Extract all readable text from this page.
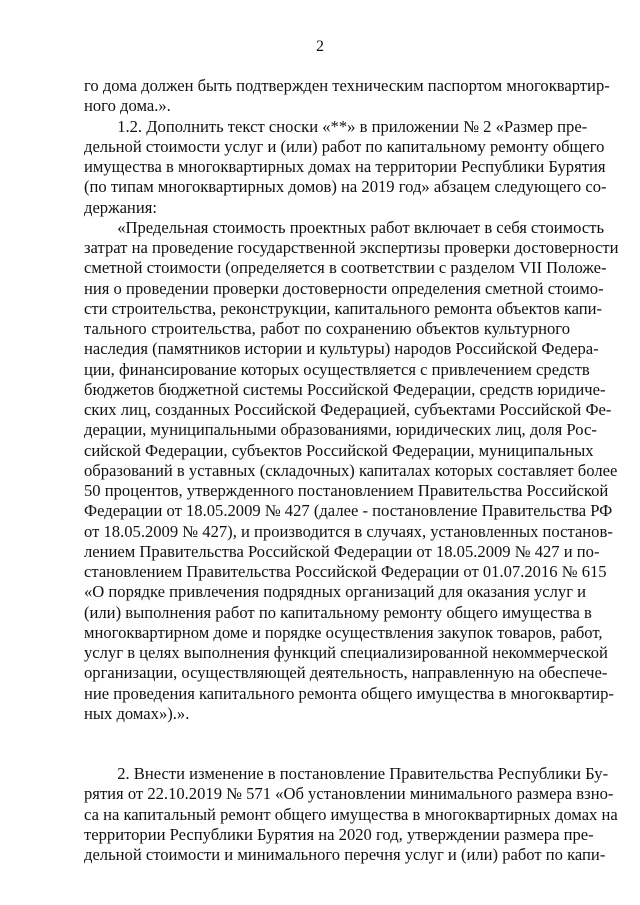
2
го дома должен быть подтвержден техническим паспортом многоквартир-
ного дома.».
1.2. Дополнить текст сноски «**» в приложении № 2 «Размер пре-
дельной стоимости услуг и (или) работ по капитальному ремонту общего
имущества в многоквартирных домах на территории Республики Бурятия
(по типам многоквартирных домов) на 2019 год» абзацем следующего со-
держания:
«Предельная стоимость проектных работ включает в себя стоимость
затрат на проведение государственной экспертизы проверки достоверности
сметной стоимости (определяется в соответствии с разделом VII Положе-
ния о проведении проверки достоверности определения сметной стоимо-
сти строительства, реконструкции, капитального ремонта объектов капи-
тального строительства, работ по сохранению объектов культурного
наследия (памятников истории и культуры) народов Российской Федера-
ции, финансирование которых осуществляется с привлечением средств
бюджетов бюджетной системы Российской Федерации, средств юридиче-
ских лиц, созданных Российской Федерацией, субъектами Российской Фе-
дерации, муниципальными образованиями, юридических лиц, доля Рос-
сийской Федерации, субъектов Российской Федерации, муниципальных
образований в уставных (складочных) капиталах которых составляет более
50 процентов, утвержденного постановлением Правительства Российской
Федерации от 18.05.2009 № 427 (далее - постановление Правительства РФ
от 18.05.2009 № 427), и производится в случаях, установленных постанов-
лением Правительства Российской Федерации от 18.05.2009 № 427 и по-
становлением Правительства Российской Федерации от 01.07.2016 № 615
«О порядке привлечения подрядных организаций для оказания услуг и
(или) выполнения работ по капитальному ремонту общего имущества в
многоквартирном доме и порядке осуществления закупок товаров, работ,
услуг в целях выполнения функций специализированной некоммерческой
организации, осуществляющей деятельность, направленную на обеспече-
ние проведения капитального ремонта общего имущества в многоквартир-
ных домах»).».
2. Внести изменение в постановление Правительства Республики Бу-
рятия от 22.10.2019 № 571 «Об установлении минимального размера взно-
са на капитальный ремонт общего имущества в многоквартирных домах на
территории Республики Бурятия на 2020 год, утверждении размера пре-
дельной стоимости и минимального перечня услуг и (или) работ по капи-
